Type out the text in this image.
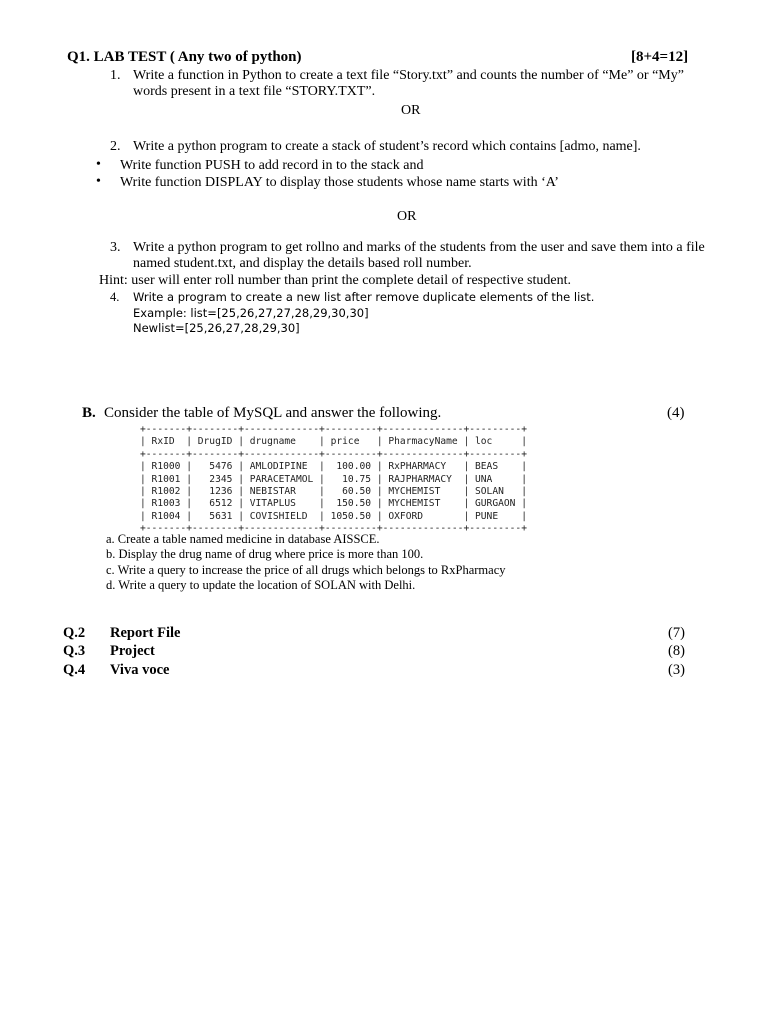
Q1. LAB TEST ( Any two of python)	[8+4=12]
1. Write a function in Python to create a text file “Story.txt” and counts the number of “Me” or “My”
words present in a text file “STORY.TXT”.
OR
2. Write a python program to create a stack of student’s record which contains [admo, name].
• Write function PUSH to add record in to the stack and
• Write function DISPLAY to display those students whose name starts with ‘A’
OR
3. Write a python program to get rollno and marks of the students from the user and save them into a file
named student.txt, and display the details based roll number.
Hint: user will enter roll number than print the complete detail of respective student.
4. Write a program to create a new list after remove duplicate elements of the list.
Example: list=[25,26,27,27,28,29,30,30]
Newlist=[25,26,27,28,29,30]
B. Consider the table of MySQL and answer the following.	(4)
+-------+--------+-------------+---------+--------------+---------+
| RxID  | DrugID | drugname    | price   | PharmacyName | loc     |
+-------+--------+-------------+---------+--------------+---------+
| R1000 |   5476 | AMLODIPINE  |  100.00 | RxPHARMACY   | BEAS    |
| R1001 |   2345 | PARACETAMOL |   10.75 | RAJPHARMACY  | UNA     |
| R1002 |   1236 | NEBISTAR    |   60.50 | MYCHEMIST    | SOLAN   |
| R1003 |   6512 | VITAPLUS    |  150.50 | MYCHEMIST    | GURGAON |
| R1004 |   5631 | COVISHIELD  | 1050.50 | OXFORD       | PUNE    |
+-------+--------+-------------+---------+--------------+---------+
a. Create a table named medicine in database AISSCE.
b. Display the drug name of drug where price is more than 100.
c. Write a query to increase the price of all drugs which belongs to RxPharmacy
d. Write a query to update the location of SOLAN with Delhi.
Q.2 Report File	(7)
Q.3 Project	(8)
Q.4 Viva voce	(3)
